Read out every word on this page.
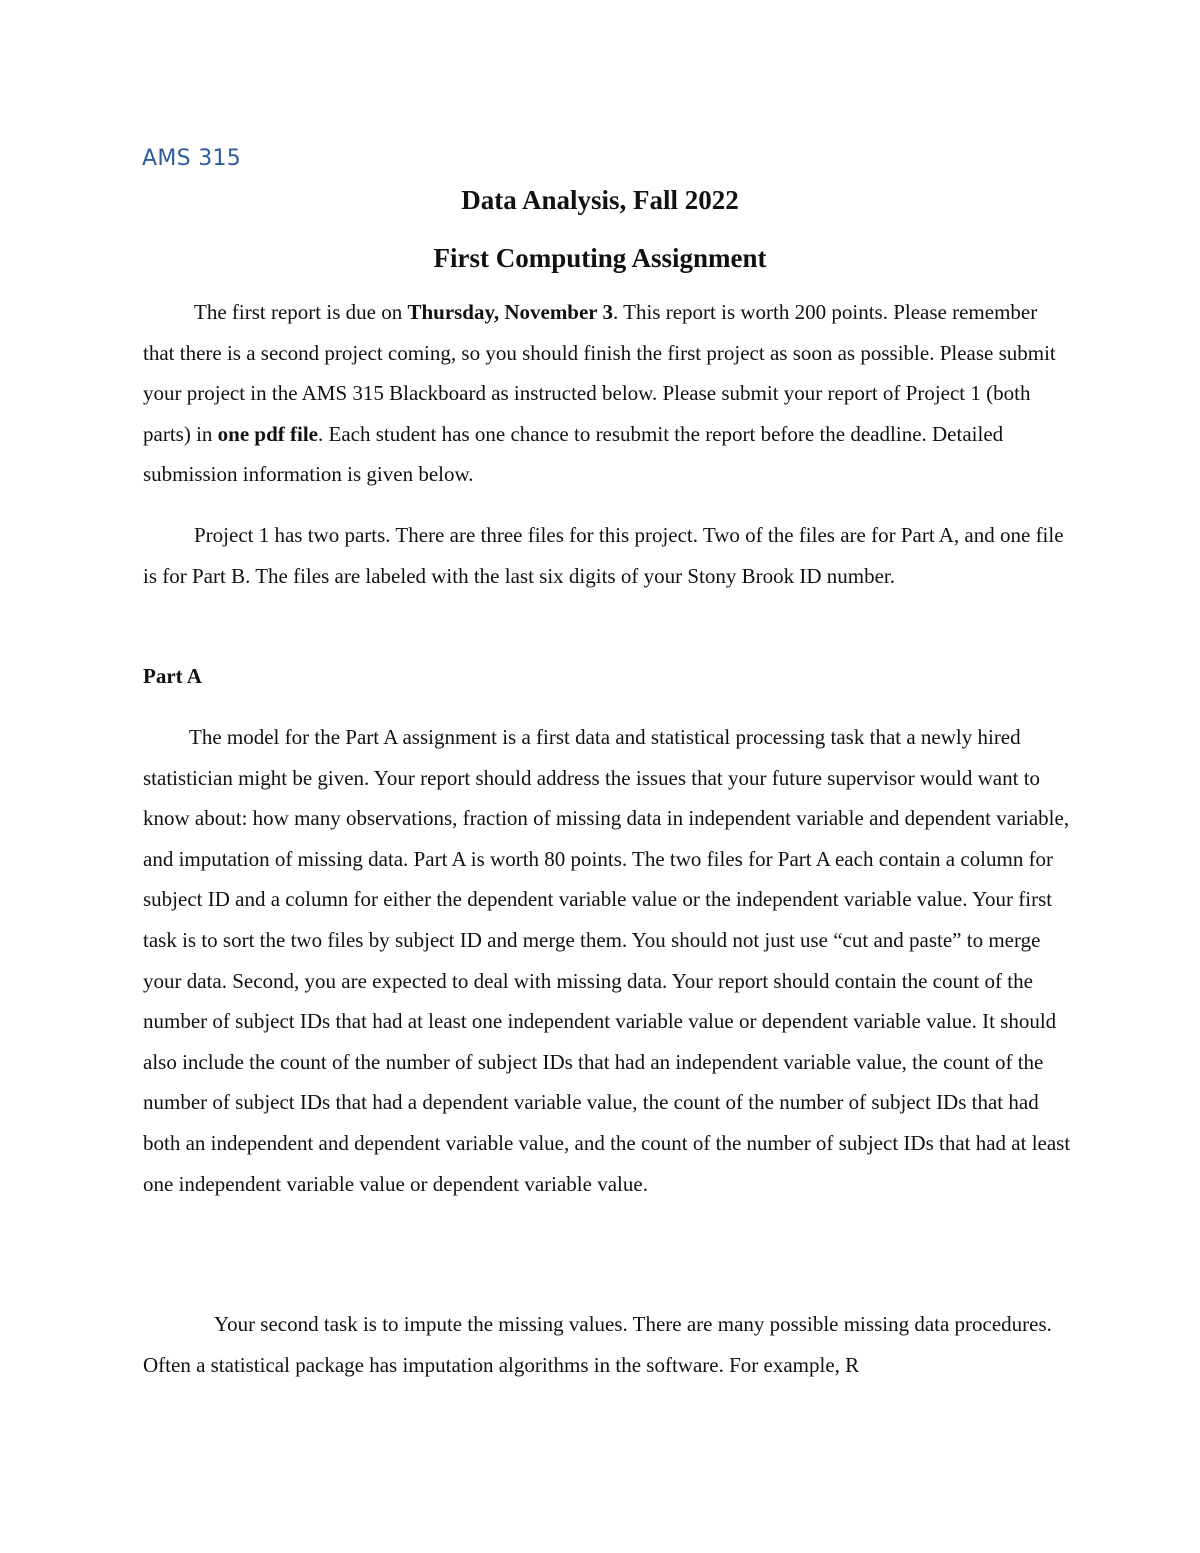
AMS 315
Data Analysis, Fall 2022
First Computing Assignment

The first report is due on Thursday, November 3. This report is worth 200 points. Please remember that there is a second project coming, so you should finish the first project as soon as possible. Please submit your project in the AMS 315 Blackboard as instructed below. Please submit your report of Project 1 (both parts) in one pdf file. Each student has one chance to resubmit the report before the deadline. Detailed submission information is given below.

Project 1 has two parts. There are three files for this project. Two of the files are for Part A, and one file is for Part B. The files are labeled with the last six digits of your Stony Brook ID number.

Part A

The model for the Part A assignment is a first data and statistical processing task that a newly hired statistician might be given. Your report should address the issues that your future supervisor would want to know about: how many observations, fraction of missing data in independent variable and dependent variable, and imputation of missing data. Part A is worth 80 points. The two files for Part A each contain a column for subject ID and a column for either the dependent variable value or the independent variable value. Your first task is to sort the two files by subject ID and merge them. You should not just use “cut and paste” to merge your data. Second, you are expected to deal with missing data. Your report should contain the count of the number of subject IDs that had at least one independent variable value or dependent variable value. It should also include the count of the number of subject IDs that had an independent variable value, the count of the number of subject IDs that had a dependent variable value, the count of the number of subject IDs that had both an independent and dependent variable value, and the count of the number of subject IDs that had at least one independent variable value or dependent variable value.

Your second task is to impute the missing values. There are many possible missing data procedures. Often a statistical package has imputation algorithms in the software. For example, R
